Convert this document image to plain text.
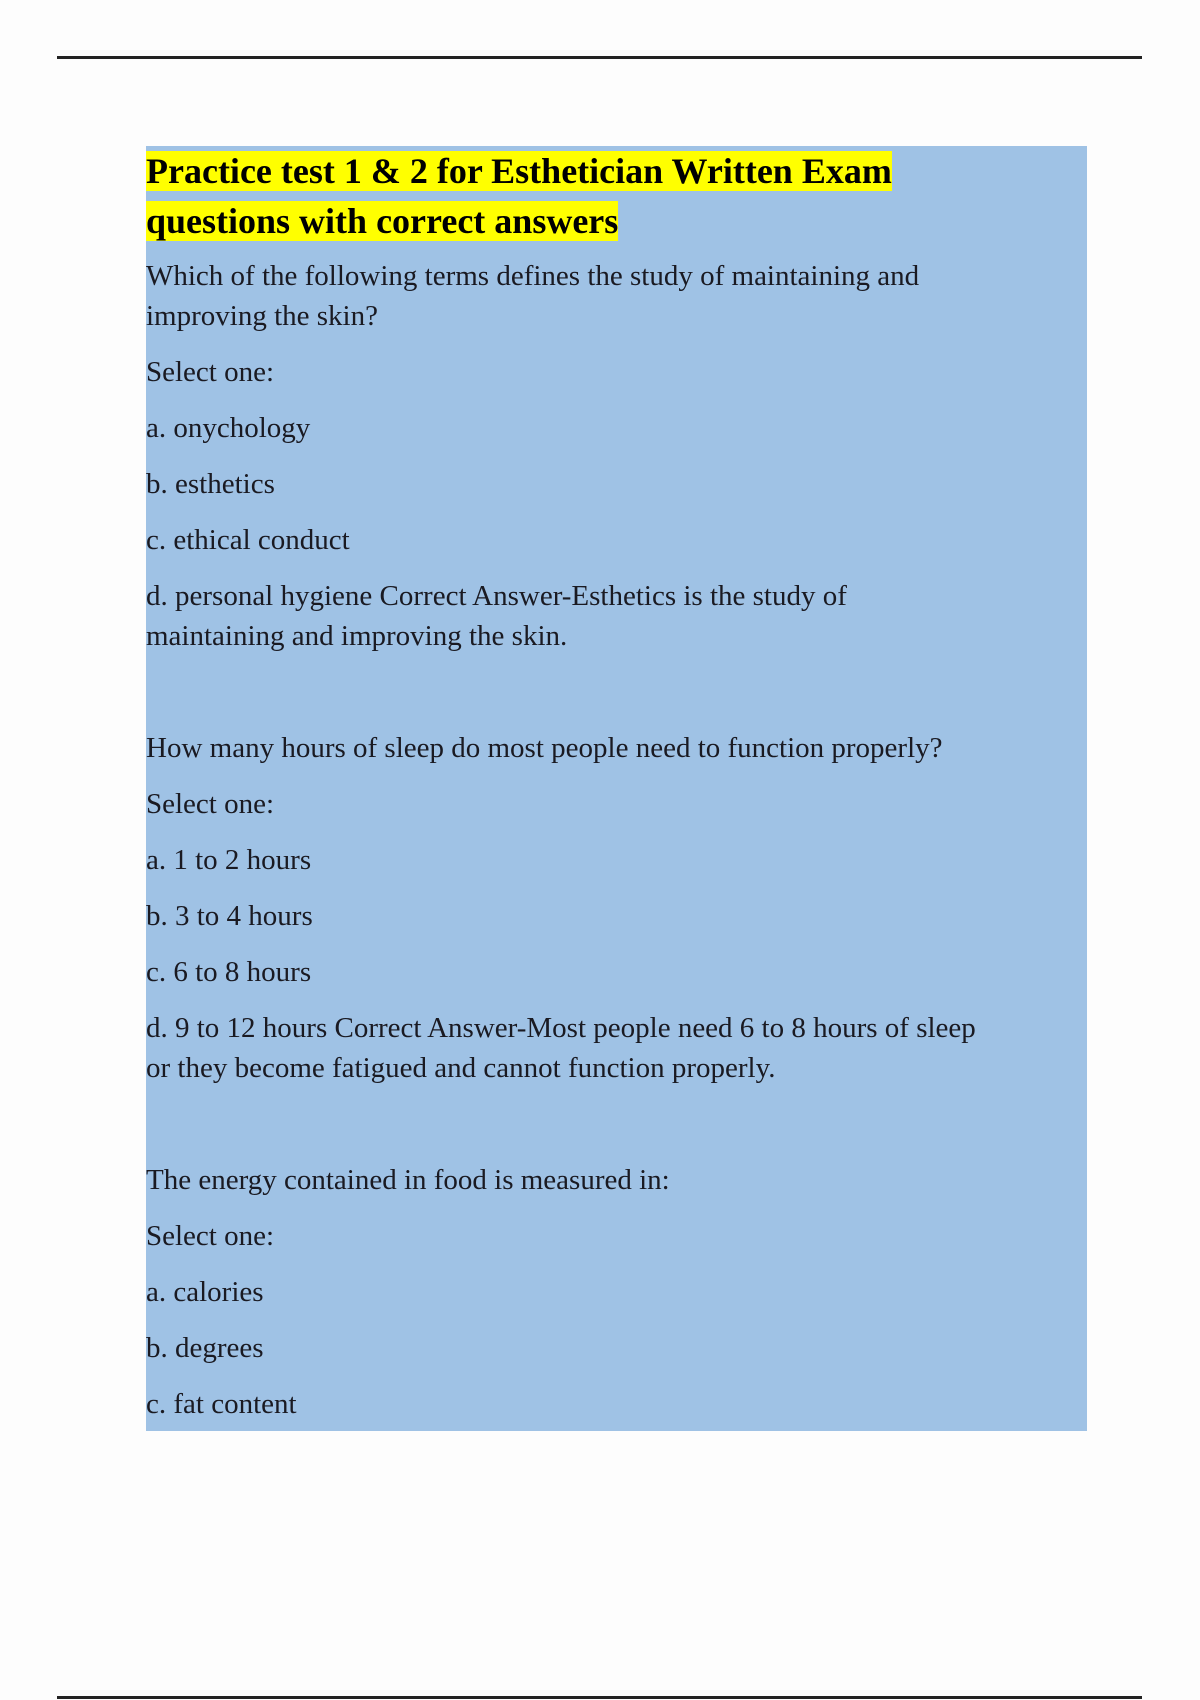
Practice test 1 & 2 for Esthetician Written Exam
questions with correct answers

Which of the following terms defines the study of maintaining and
improving the skin?

Select one:

a. onychology

b. esthetics

c. ethical conduct

d. personal hygiene Correct Answer-Esthetics is the study of
maintaining and improving the skin.

How many hours of sleep do most people need to function properly?

Select one:

a. 1 to 2 hours

b. 3 to 4 hours

c. 6 to 8 hours

d. 9 to 12 hours Correct Answer-Most people need 6 to 8 hours of sleep
or they become fatigued and cannot function properly.

The energy contained in food is measured in:

Select one:

a. calories

b. degrees

c. fat content
